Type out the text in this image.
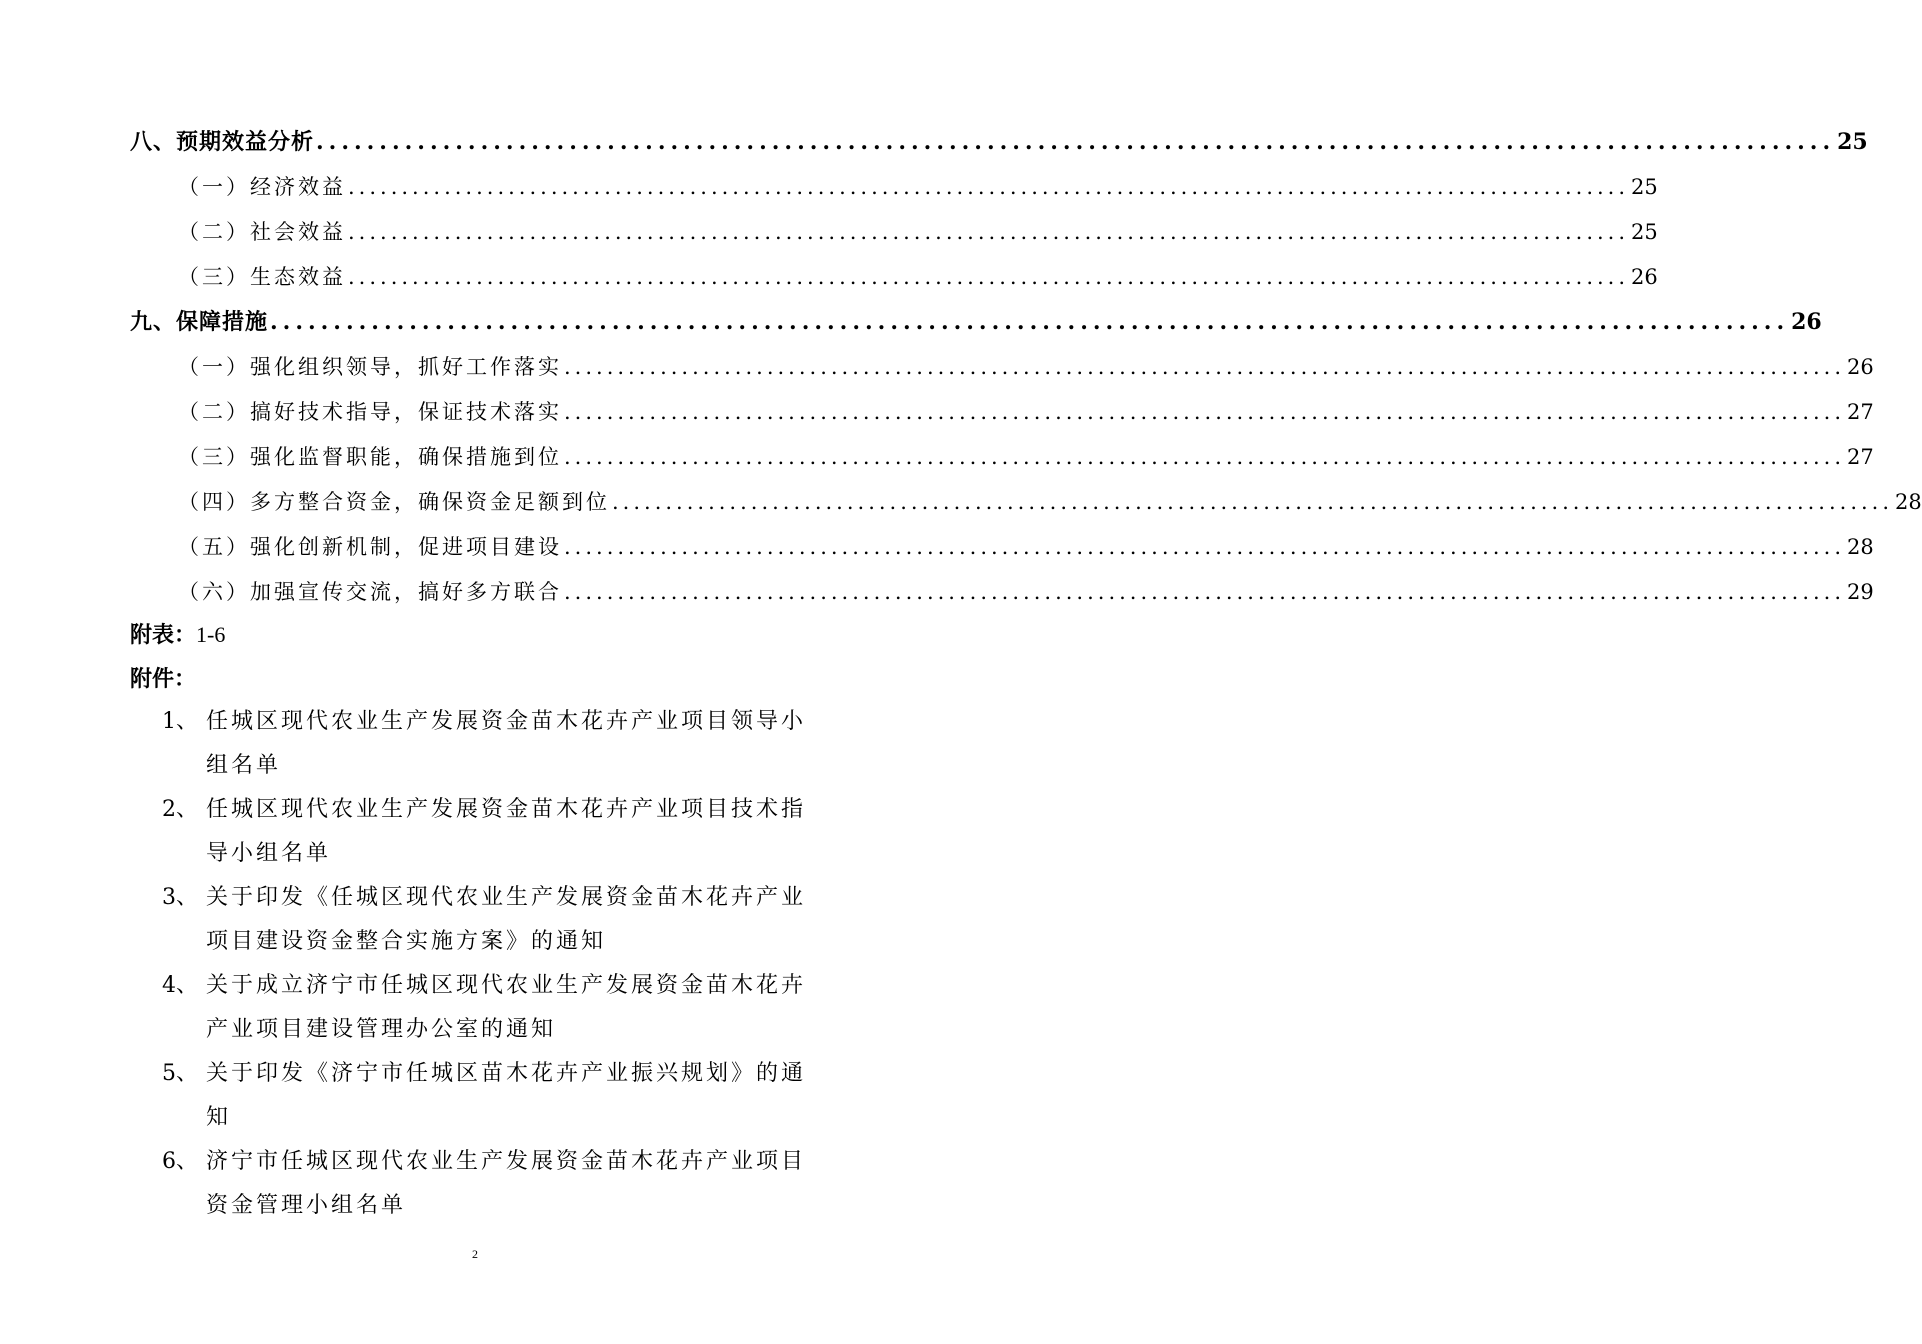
八、预期效益分析 ........................................................................................................................ 25
（一）经济效益 ........................................................................................................................ 25
（二）社会效益 ........................................................................................................................ 25
（三）生态效益 ........................................................................................................................ 26
九、保障措施 ........................................................................................................................ 26
（一）强化组织领导，抓好工作落实 ........................................................................................................................ 26
（二）搞好技术指导，保证技术落实 ........................................................................................................................ 27
（三）强化监督职能，确保措施到位 ........................................................................................................................ 27
（四）多方整合资金，确保资金足额到位 ........................................................................................................................ 28
（五）强化创新机制，促进项目建设 ........................................................................................................................ 28
（六）加强宣传交流，搞好多方联合 ........................................................................................................................ 29
附表：1-6
附件：
1、 任城区现代农业生产发展资金苗木花卉产业项目领导小
组名单
2、 任城区现代农业生产发展资金苗木花卉产业项目技术指
导小组名单
3、 关于印发《任城区现代农业生产发展资金苗木花卉产业
项目建设资金整合实施方案》的通知
4、 关于成立济宁市任城区现代农业生产发展资金苗木花卉
产业项目建设管理办公室的通知
5、 关于印发《济宁市任城区苗木花卉产业振兴规划》的通
知
6、 济宁市任城区现代农业生产发展资金苗木花卉产业项目
资金管理小组名单
2
